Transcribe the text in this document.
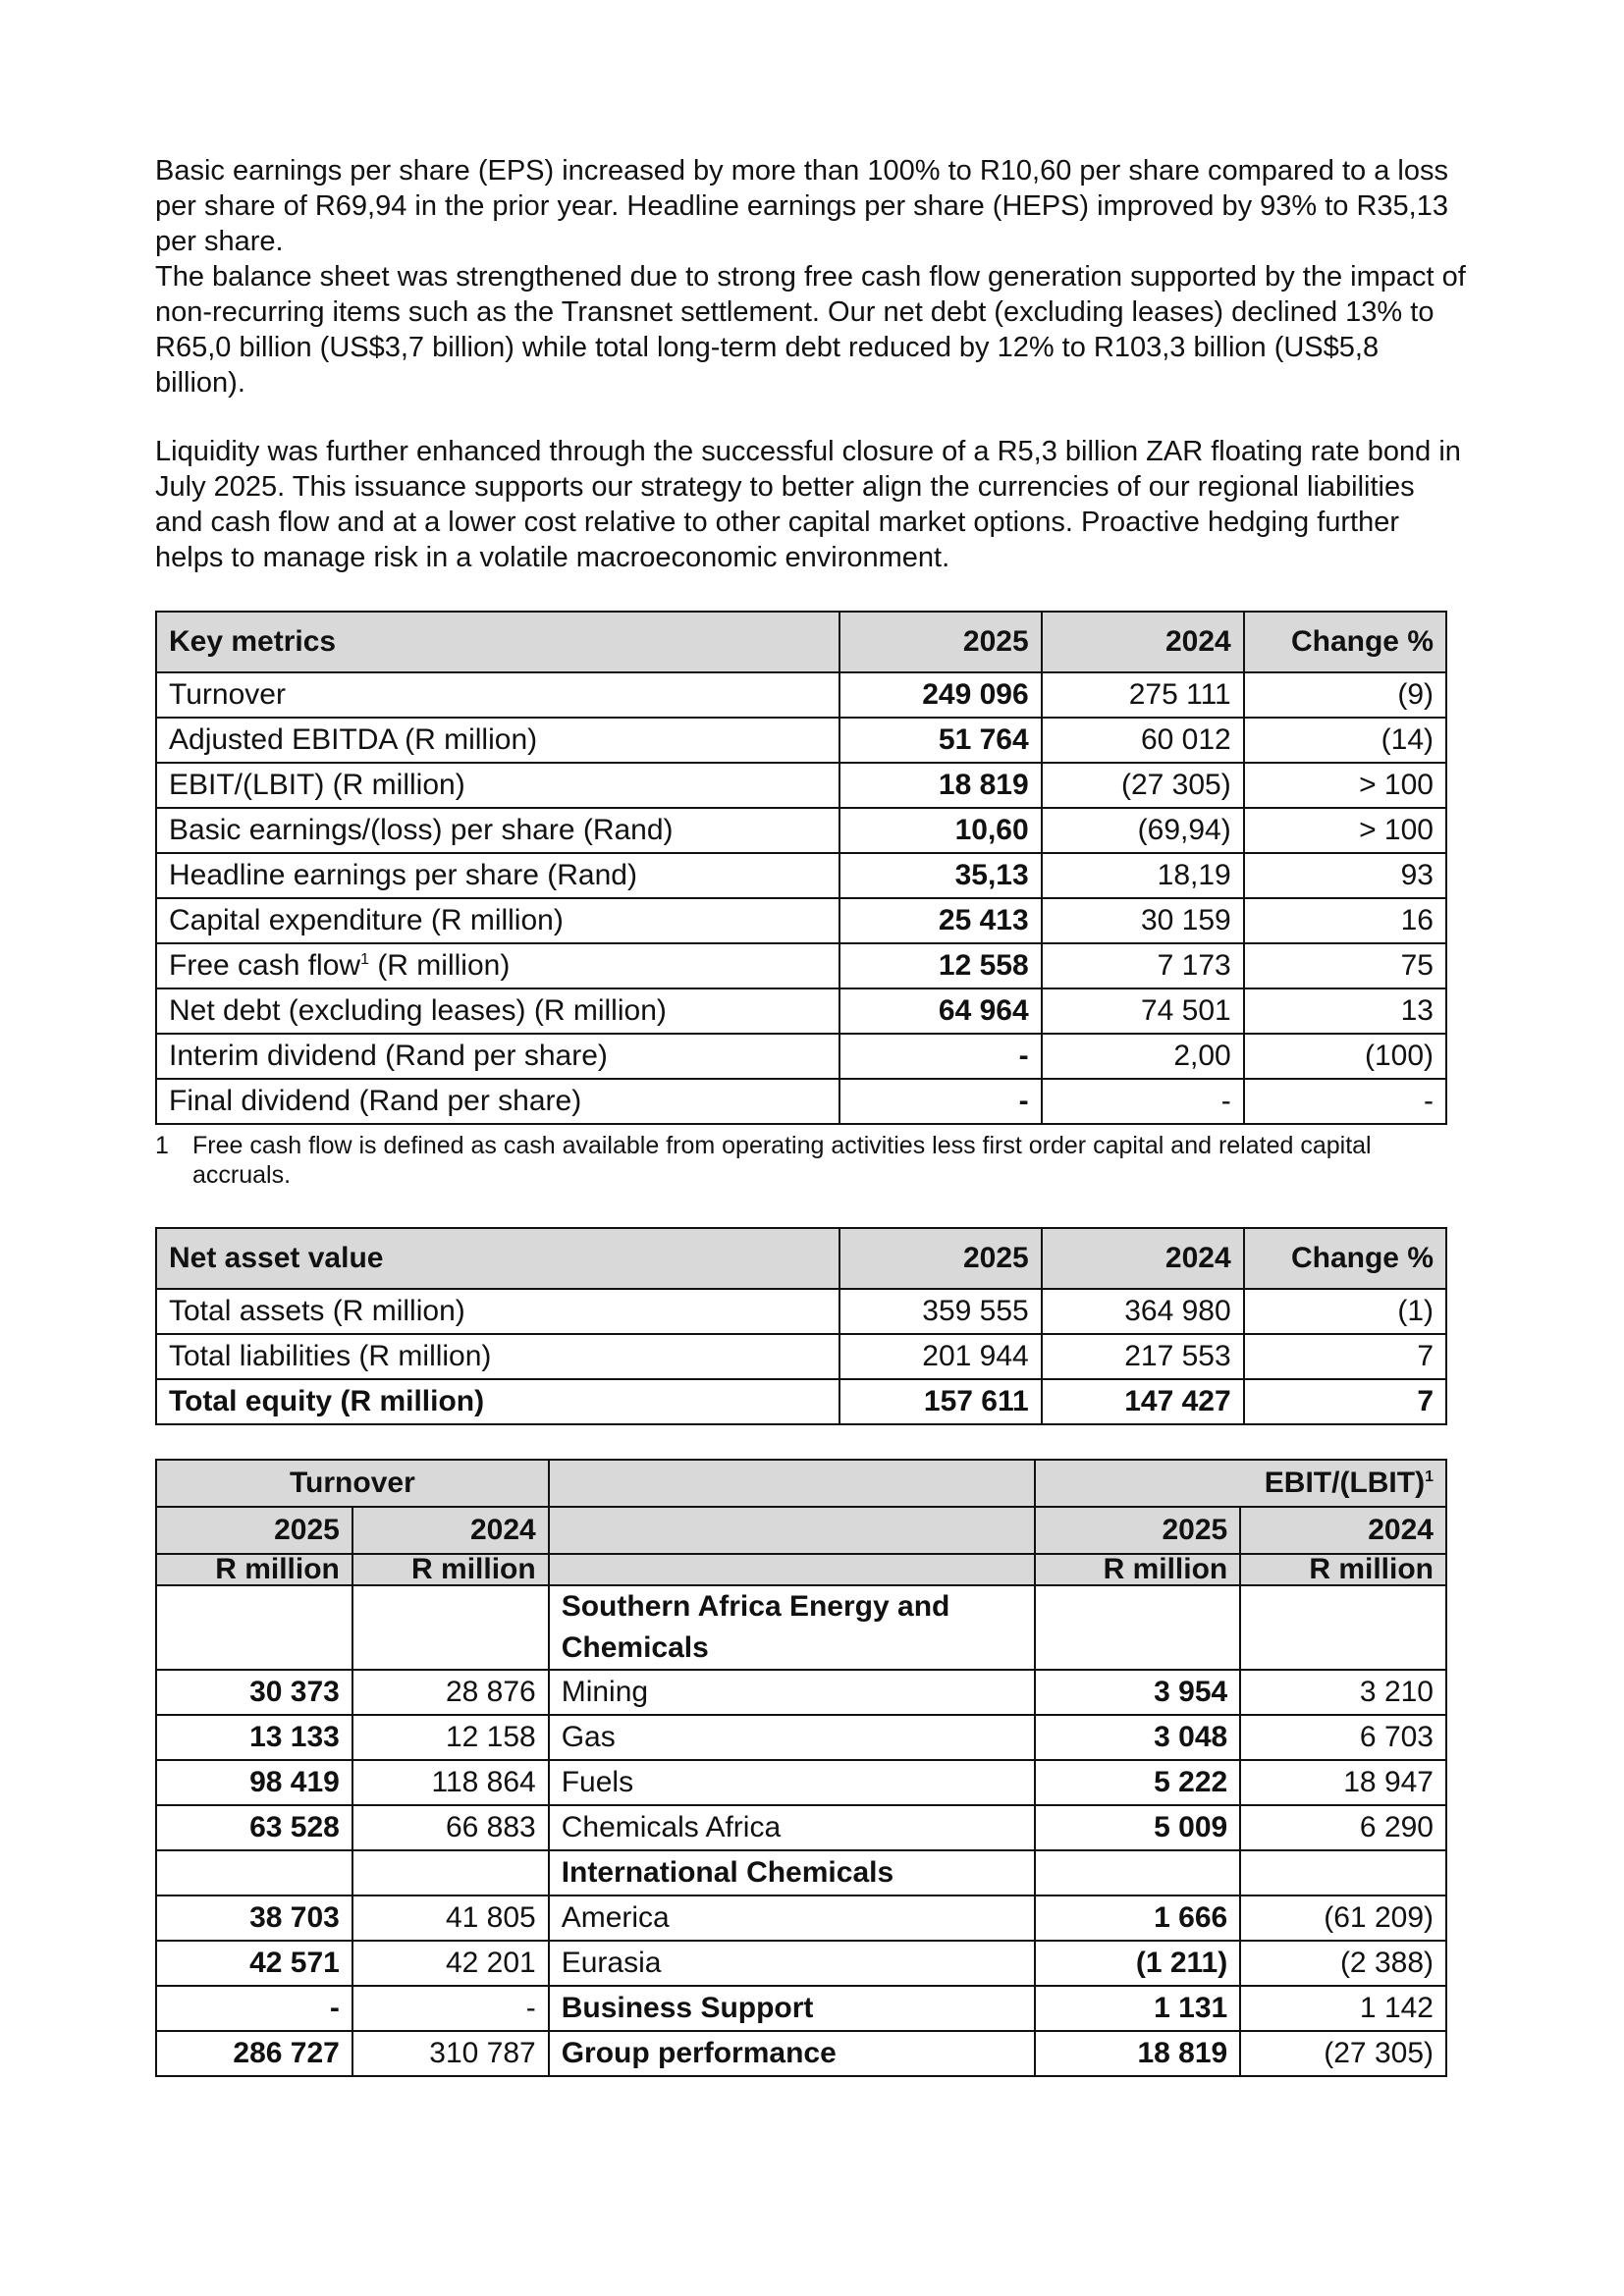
Basic earnings per share (EPS) increased by more than 100% to R10,60 per share compared to a loss per share of R69,94 in the prior year. Headline earnings per share (HEPS) improved by 93% to R35,13 per share.

The balance sheet was strengthened due to strong free cash flow generation supported by the impact of non-recurring items such as the Transnet settlement. Our net debt (excluding leases) declined 13% to R65,0 billion (US$3,7 billion) while total long-term debt reduced by 12% to R103,3 billion (US$5,8 billion).

Liquidity was further enhanced through the successful closure of a R5,3 billion ZAR floating rate bond in July 2025. This issuance supports our strategy to better align the currencies of our regional liabilities and cash flow and at a lower cost relative to other capital market options. Proactive hedging further helps to manage risk in a volatile macroeconomic environment.

Key metrics	2025	2024	Change %
Turnover	249 096	275 111	(9)
Adjusted EBITDA (R million)	51 764	60 012	(14)
EBIT/(LBIT) (R million)	18 819	(27 305)	> 100
Basic earnings/(loss) per share (Rand)	10,60	(69,94)	> 100
Headline earnings per share (Rand)	35,13	18,19	93
Capital expenditure (R million)	25 413	30 159	16
Free cash flow$^1$ (R million)	12 558	7 173	75
Net debt (excluding leases) (R million)	64 964	74 501	13
Interim dividend (Rand per share)	-	2,00	(100)
Final dividend (Rand per share)	-	-	-
1 Free cash flow is defined as cash available from operating activities less first order capital and related capital accruals.
Net asset value	2025	2024	Change %
Total assets (R million)	359 555	364 980	(1)
Total liabilities (R million)	201 944	217 553	7
Total equity (R million)	157 611	147 427	7
Turnover			EBIT/(LBIT)$^1$
2025	2024		2025	2024
R million	R million		R million	R million
		Southern Africa Energy and Chemicals		
30 373	28 876	Mining	3 954	3 210
13 133	12 158	Gas	3 048	6 703
98 419	118 864	Fuels	5 222	18 947
63 528	66 883	Chemicals Africa	5 009	6 290
		International Chemicals		
38 703	41 805	America	1 666	(61 209)
42 571	42 201	Eurasia	(1 211)	(2 388)
-	-	Business Support	1 131	1 142
286 727	310 787	Group performance	18 819	(27 305)
